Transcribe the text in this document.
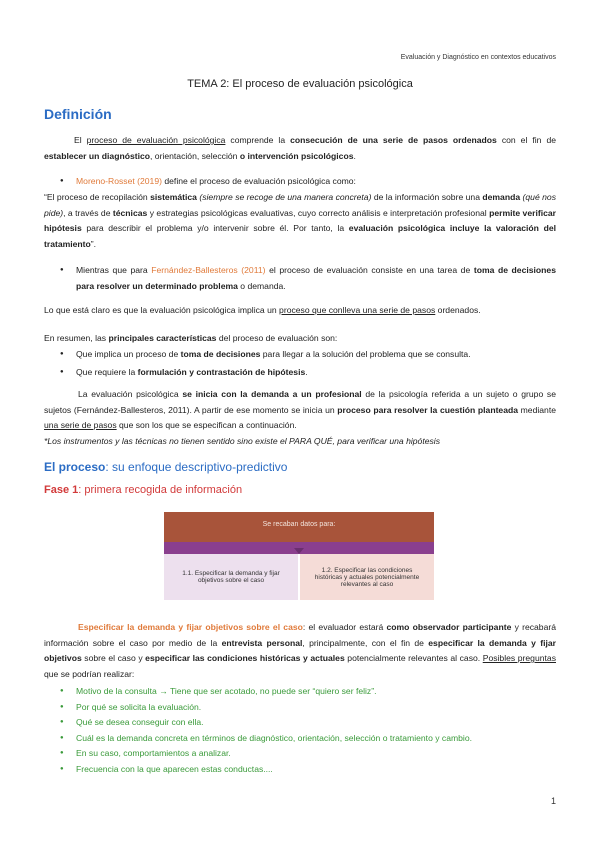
Evaluación y Diagnóstico en contextos educativos
TEMA 2: El proceso de evaluación psicológica
Definición
El proceso de evaluación psicológica comprende la consecución de una serie de pasos ordenados con el fin de establecer un diagnóstico, orientación, selección o intervención psicológicos.
● Moreno-Rosset (2019) define el proceso de evaluación psicológica como:
“El proceso de recopilación sistemática (siempre se recoge de una manera concreta) de la información sobre una demanda (qué nos pide), a través de técnicas y estrategias psicológicas evaluativas, cuyo correcto análisis e interpretación profesional permite verificar hipótesis para describir el problema y/o intervenir sobre él. Por tanto, la evaluación psicológica incluye la valoración del tratamiento”.
● Mientras que para Fernández-Ballesteros (2011) el proceso de evaluación consiste en una tarea de toma de decisiones para resolver un determinado problema o demanda.
Lo que está claro es que la evaluación psicológica implica un proceso que conlleva una serie de pasos ordenados.
En resumen, las principales características del proceso de evaluación son:
● Que implica un proceso de toma de decisiones para llegar a la solución del problema que se consulta.
● Que requiere la formulación y contrastación de hipótesis.
La evaluación psicológica se inicia con la demanda a un profesional de la psicología referida a un sujeto o grupo se sujetos (Fernández-Ballesteros, 2011). A partir de ese momento se inicia un proceso para resolver la cuestión planteada mediante una serie de pasos que son los que se especifican a continuación.
*Los instrumentos y las técnicas no tienen sentido sino existe el PARA QUÉ, para verificar una hipótesis
El proceso: su enfoque descriptivo-predictivo
Fase 1: primera recogida de información
Se recaban datos para:
1.1. Especificar la demanda y fijar objetivos sobre el caso
1.2. Especificar las condiciones históricas y actuales potencialmente relevantes al caso
Especificar la demanda y fijar objetivos sobre el caso: el evaluador estará como observador participante y recabará información sobre el caso por medio de la entrevista personal, principalmente, con el fin de especificar la demanda y fijar objetivos sobre el caso y especificar las condiciones históricas y actuales potencialmente relevantes al caso. Posibles preguntas que se podrían realizar:
● Motivo de la consulta → Tiene que ser acotado, no puede ser “quiero ser feliz”.
● Por qué se solicita la evaluación.
● Qué se desea conseguir con ella.
● Cuál es la demanda concreta en términos de diagnóstico, orientación, selección o tratamiento y cambio.
● En su caso, comportamientos a analizar.
● Frecuencia con la que aparecen estas conductas....
1
